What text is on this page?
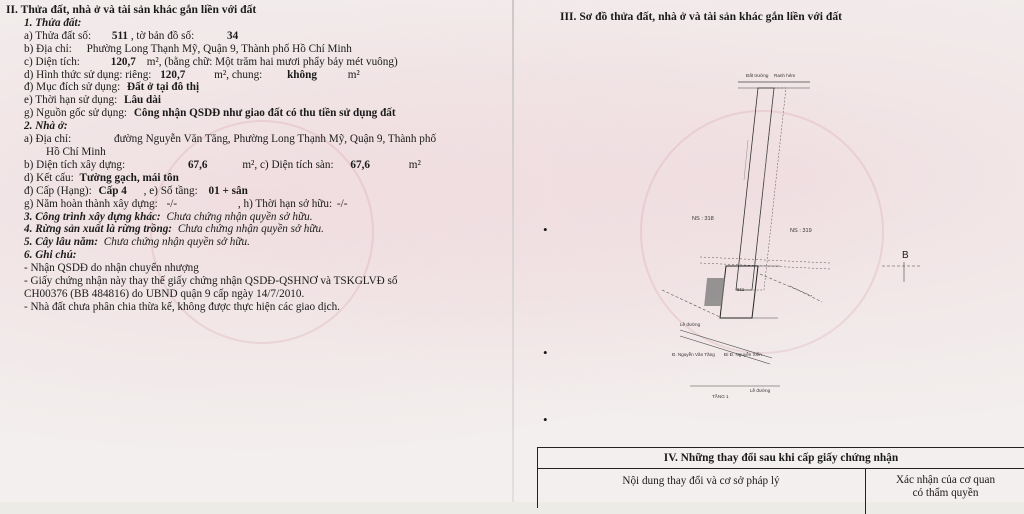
II. Thửa đất, nhà ở và tài sản khác gắn liền với đất
1. Thửa đất:
a) Thửa đất số: 511 , tờ bản đồ số:	34
b) Địa chỉ: Phường Long Thạnh Mỹ, Quận 9, Thành phố Hồ Chí Minh
c) Diện tích:	120,7 m², (bằng chữ: Một trăm hai mươi phẩy bảy mét vuông)
d) Hình thức sử dụng: riêng: 120,7	m², chung: không	m²
đ) Mục đích sử dụng: Đất ở tại đô thị
e) Thời hạn sử dụng: Lâu dài
g) Nguồn gốc sử dụng: Công nhận QSDĐ như giao đất có thu tiền sử dụng đất
2. Nhà ở:
a) Địa chỉ:	đường Nguyễn Văn Tăng, Phường Long Thạnh Mỹ, Quận 9, Thành phố
Hồ Chí Minh
b) Diện tích xây dựng:	67,6	m², c) Diện tích sàn: 67,6	m²
d) Kết cấu: Tường gạch, mái tôn
đ) Cấp (Hạng): Cấp 4 , e) Số tầng: 01 + sân
g) Năm hoàn thành xây dựng: -/-	, h) Thời hạn sở hữu: -/-
3. Công trình xây dựng khác: Chưa chứng nhận quyền sở hữu.
4. Rừng sản xuất là rừng trồng: Chưa chứng nhận quyền sở hữu.
5. Cây lâu năm: Chưa chứng nhận quyền sở hữu.
6. Ghi chú:
- Nhận QSDĐ do nhận chuyển nhượng
- Giấy chứng nhận này thay thế giấy chứng nhận QSDĐ-QSHNƠ và TSKGLVĐ số
CH00376 (BB 484816) do UBND quận 9 cấp ngày 14/7/2010.
- Nhà đất chưa phân chia thừa kế, không được thực hiện các giao dịch.
•
•
•
III. Sơ đồ thửa đất, nhà ở và tài sản khác gắn liền với đất
Đất trường Ranh hẻm
NS : 318
NS : 319
511
Lề đường
Đ. Nguyễn Văn Tăng Đi Đ. Nguyễn Xiển
TẦNG 1
Lề đường
B
IV. Những thay đổi sau khi cấp giấy chứng nhận
Nội dung thay đổi và cơ sở pháp lý	Xác nhận của cơ quan
có thẩm quyền
